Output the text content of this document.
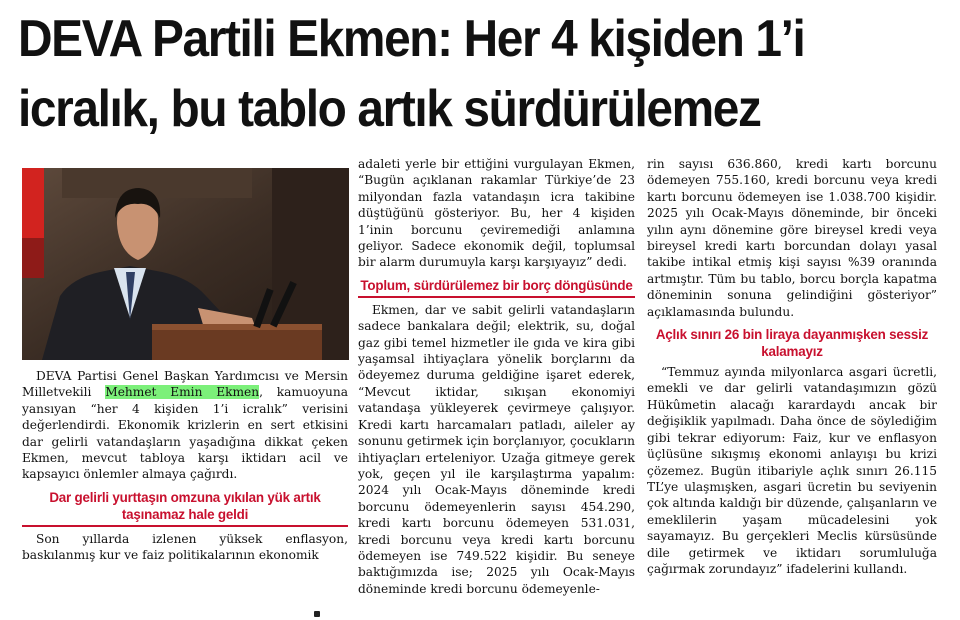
DEVA Partili Ekmen: Her 4 kişiden 1’i
icralık, bu tablo artık sürdürülemez

DEVA Partisi Genel Başkan Yardımcısı ve Mersin Milletvekili Mehmet Emin Ekmen, kamuoyuna yansıyan “her 4 kişiden 1’i icralık” verisini değerlendirdi. Ekonomik krizlerin en sert etkisini dar gelirli vatandaşların yaşadığına dikkat çeken Ekmen, mevcut tabloya karşı iktidarı acil ve kapsayıcı önlemler almaya çağırdı.

Dar gelirli yurttaşın omzuna yıkılan yük artık taşınamaz hale geldi

Son yıllarda izlenen yüksek enflasyon, baskılanmış kur ve faiz politikalarının ekonomik

adaleti yerle bir ettiğini vurgulayan Ekmen, “Bugün açıklanan rakamlar Türkiye’de 23 milyondan fazla vatandaşın icra takibine düştüğünü gösteriyor. Bu, her 4 kişiden 1’inin borcunu çeviremediği anlamına geliyor. Sadece ekonomik değil, toplumsal bir alarm durumuyla karşı karşıyayız” dedi.

Toplum, sürdürülemez bir borç döngüsünde

Ekmen, dar ve sabit gelirli vatandaşların sadece bankalara değil; elektrik, su, doğal gaz gibi temel hizmetler ile gıda ve kira gibi yaşamsal ihtiyaçlara yönelik borçlarını da ödeyemez duruma geldiğine işaret ederek, “Mevcut iktidar, sıkışan ekonomiyi vatandaşa yükleyerek çevirmeye çalışıyor. Kredi kartı harcamaları patladı, aileler ay sonunu getirmek için borçlanıyor, çocukların ihtiyaçları erteleniyor. Uzağa gitmeye gerek yok, geçen yıl ile karşılaştırma yapalım: 2024 yılı Ocak-Mayıs döneminde kredi borcunu ödemeyenlerin sayısı 454.290, kredi kartı borcunu ödemeyen 531.031, kredi borcunu veya kredi kartı borcunu ödemeyen ise 749.522 kişidir. Bu seneye baktığımızda ise; 2025 yılı Ocak-Mayıs döneminde kredi borcunu ödemeyenle-

rin sayısı 636.860, kredi kartı borcunu ödemeyen 755.160, kredi borcunu veya kredi kartı borcunu ödemeyen ise 1.038.700 kişidir. 2025 yılı Ocak-Mayıs döneminde, bir önceki yılın aynı dönemine göre bireysel kredi veya bireysel kredi kartı borcundan dolayı yasal takibe intikal etmiş kişi sayısı %39 oranında artmıştır. Tüm bu tablo, borcu borçla kapatma döneminin sonuna gelindiğini gösteriyor” açıklamasında bulundu.

Açlık sınırı 26 bin liraya dayanmışken sessiz kalamayız

“Temmuz ayında milyonlarca asgari ücretli, emekli ve dar gelirli vatandaşımızın gözü Hükûmetin alacağı karardaydı ancak bir değişiklik yapılmadı. Daha önce de söylediğim gibi tekrar ediyorum: Faiz, kur ve enflasyon üçlüsüne sıkışmış ekonomi anlayışı bu krizi çözemez. Bugün itibariyle açlık sınırı 26.115 TL’ye ulaşmışken, asgari ücretin bu seviyenin çok altında kaldığı bir düzende, çalışanların ve emeklilerin yaşam mücadelesini yok sayamayız. Bu gerçekleri Meclis kürsüsünde dile getirmek ve iktidarı sorumluluğa çağırmak zorundayız” ifadelerini kullandı.
